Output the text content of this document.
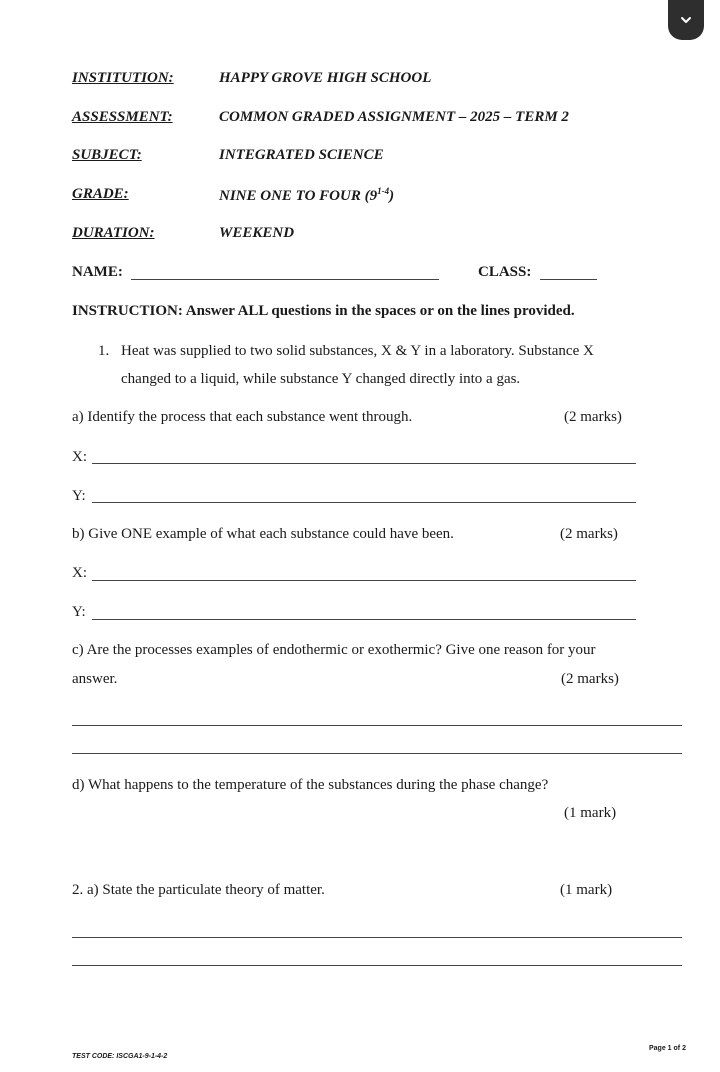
INSTITUTION:	HAPPY GROVE HIGH SCHOOL
ASSESSMENT:	COMMON GRADED ASSIGNMENT – 2025 – TERM 2
SUBJECT:	INTEGRATED SCIENCE
GRADE:	NINE ONE TO FOUR (9$^{1-4}$)
DURATION:	WEEKEND
NAME:	CLASS:
INSTRUCTION: Answer ALL questions in the spaces or on the lines provided.
1. Heat was supplied to two solid substances, X & Y in a laboratory. Substance X
changed to a liquid, while substance Y changed directly into a gas.
a) Identify the process that each substance went through.	(2 marks)
X:
Y:
b) Give ONE example of what each substance could have been.	(2 marks)
X:
Y:
c) Are the processes examples of endothermic or exothermic? Give one reason for your
answer.	(2 marks)
d) What happens to the temperature of the substances during the phase change?
(1 mark)
2. a) State the particulate theory of matter.	(1 mark)
Page 1 of 2
TEST CODE: ISCGA1-9-1-4-2
